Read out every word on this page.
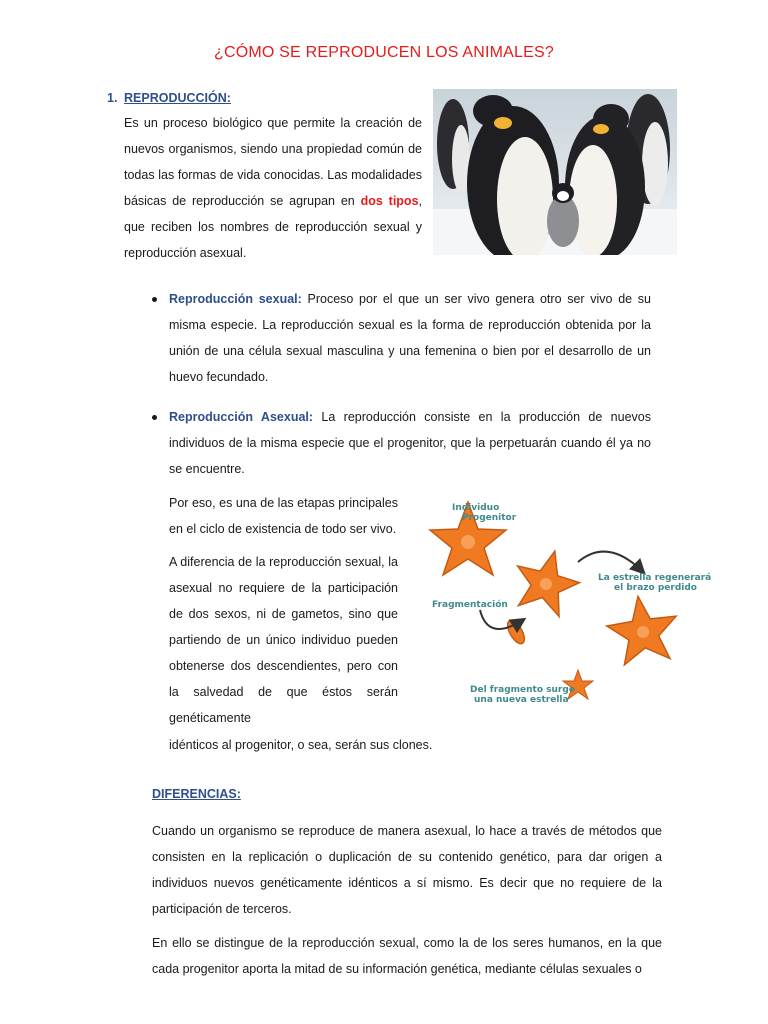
¿CÓMO SE REPRODUCEN LOS ANIMALES?
1. REPRODUCCIÓN:
Es un proceso biológico que permite la creación de nuevos organismos, siendo una propiedad común de todas las formas de vida conocidas. Las modalidades básicas de reproducción se agrupan en dos tipos, que reciben los nombres de reproducción sexual y reproducción asexual.
Reproducción sexual: Proceso por el que un ser vivo genera otro ser vivo de su misma especie. La reproducción sexual es la forma de reproducción obtenida por la unión de una célula sexual masculina y una femenina o bien por el desarrollo de un huevo fecundado.
Reproducción Asexual: La reproducción consiste en la producción de nuevos individuos de la misma especie que el progenitor, que la perpetuarán cuando él ya no se encuentre.
Por eso, es una de las etapas principales en el ciclo de existencia de todo ser vivo.
A diferencia de la reproducción sexual, la asexual no requiere de la participación de dos sexos, ni de gametos, sino que partiendo de un único individuo pueden obtenerse dos descendientes, pero con la salvedad de que éstos serán genéticamente
idénticos al progenitor, o sea, serán sus clones.
Individuo
Progenitor
Fragmentación
La estrella regenerará
el brazo perdido
Del fragmento surge
una nueva estrella
DIFERENCIAS:
Cuando un organismo se reproduce de manera asexual, lo hace a través de métodos que consisten en la replicación o duplicación de su contenido genético, para dar origen a individuos nuevos genéticamente idénticos a sí mismo. Es decir que no requiere de la participación de terceros.
En ello se distingue de la reproducción sexual, como la de los seres humanos, en la que cada progenitor aporta la mitad de su información genética, mediante células sexuales o
